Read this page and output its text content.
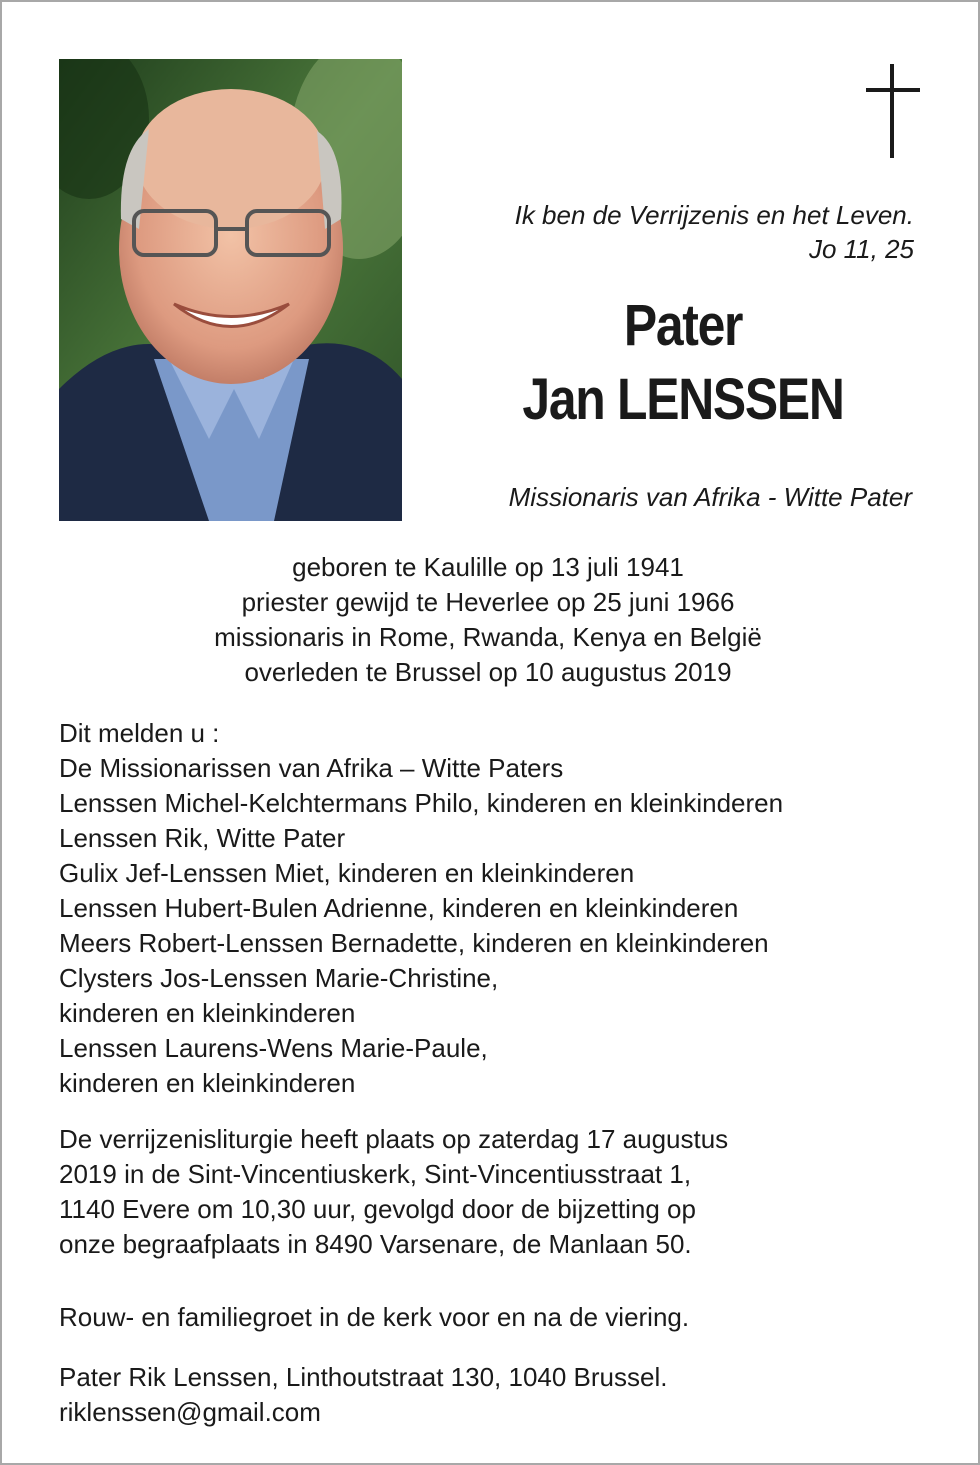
Ik ben de Verrijzenis en het Leven.
Jo 11, 25
Pater
Jan LENSSEN
Missionaris van Afrika - Witte Pater
geboren te Kaulille op 13 juli 1941
priester gewijd te Heverlee op 25 juni 1966
missionaris in Rome, Rwanda, Kenya en België
overleden te Brussel op 10 augustus 2019
Dit melden u :
De Missionarissen van Afrika – Witte Paters
Lenssen Michel-Kelchtermans Philo, kinderen en kleinkinderen
Lenssen Rik, Witte Pater
Gulix Jef-Lenssen Miet, kinderen en kleinkinderen
Lenssen Hubert-Bulen Adrienne, kinderen en kleinkinderen
Meers Robert-Lenssen Bernadette, kinderen en kleinkinderen
Clysters Jos-Lenssen Marie-Christine,
kinderen en kleinkinderen
Lenssen Laurens-Wens Marie-Paule,
kinderen en kleinkinderen
De verrijzenisliturgie heeft plaats op zaterdag 17 augustus
2019 in de Sint-Vincentiuskerk, Sint-Vincentiusstraat 1,
1140 Evere om 10,30 uur, gevolgd door de bijzetting op
onze begraafplaats in 8490 Varsenare, de Manlaan 50.
Rouw- en familiegroet in de kerk voor en na de viering.
Pater Rik Lenssen, Linthoutstraat 130, 1040 Brussel.
riklenssen@gmail.com
